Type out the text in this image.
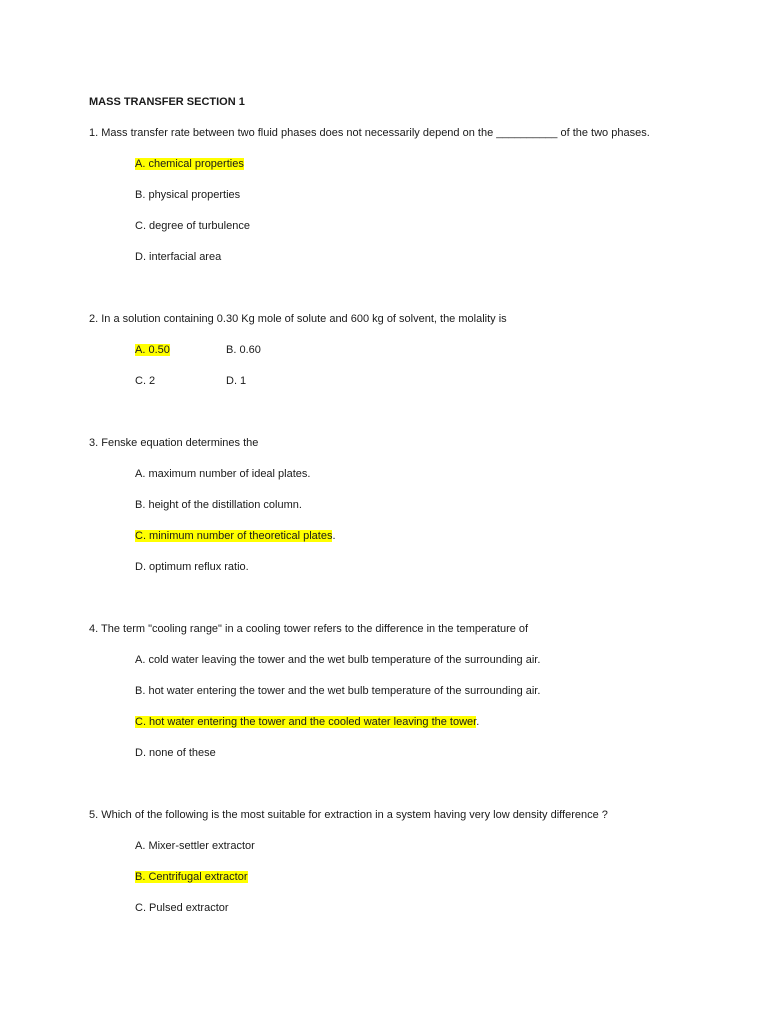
MASS TRANSFER SECTION 1
1. Mass transfer rate between two fluid phases does not necessarily depend on the __________ of the two phases.
A. chemical properties
B. physical properties
C. degree of turbulence
D. interfacial area
2. In a solution containing 0.30 Kg mole of solute and 600 kg of solvent, the molality is
A. 0.50	B. 0.60
C. 2	D. 1
3. Fenske equation determines the
A. maximum number of ideal plates.
B. height of the distillation column.
C. minimum number of theoretical plates.
D. optimum reflux ratio.
4. The term "cooling range" in a cooling tower refers to the difference in the temperature of
A. cold water leaving the tower and the wet bulb temperature of the surrounding air.
B. hot water entering the tower and the wet bulb temperature of the surrounding air.
C. hot water entering the tower and the cooled water leaving the tower.
D. none of these
5. Which of the following is the most suitable for extraction in a system having very low density difference ?
A. Mixer-settler extractor
B. Centrifugal extractor
C. Pulsed extractor
